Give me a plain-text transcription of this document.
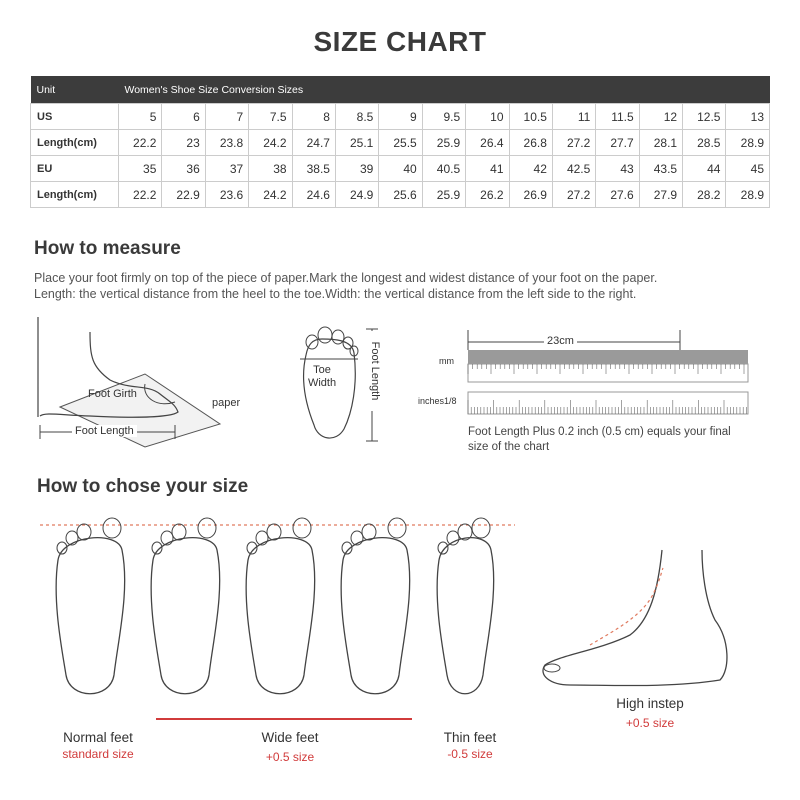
SIZE CHART
Unit	Women's Shoe Size Conversion Sizes														
US	5	6	7	7.5	8	8.5	9	9.5	10	10.5	11	11.5	12	12.5	13
Length(cm)	22.2	23	23.8	24.2	24.7	25.1	25.5	25.9	26.4	26.8	27.2	27.7	28.1	28.5	28.9
EU	35	36	37	38	38.5	39	40	40.5	41	42	42.5	43	43.5	44	45
Length(cm)	22.2	22.9	23.6	24.2	24.6	24.9	25.6	25.9	26.2	26.9	27.2	27.6	27.9	28.2	28.9
How to measure
Place your foot firmly on top of the piece of paper.Mark the longest and widest distance of your foot on the paper.
Length: the vertical distance from the heel to the toe.Width: the vertical distance from the left side to the right.
Foot Girth
paper
Foot Length
Toe
Width	Foot Length
23cm
mm
inches1/8
Foot Length Plus 0.2 inch (0.5 cm) equals your final
size of the chart
How to chose your size
Normal feet
standard size
Wide feet
+0.5 size
Thin feet
-0.5 size
High instep
+0.5 size
